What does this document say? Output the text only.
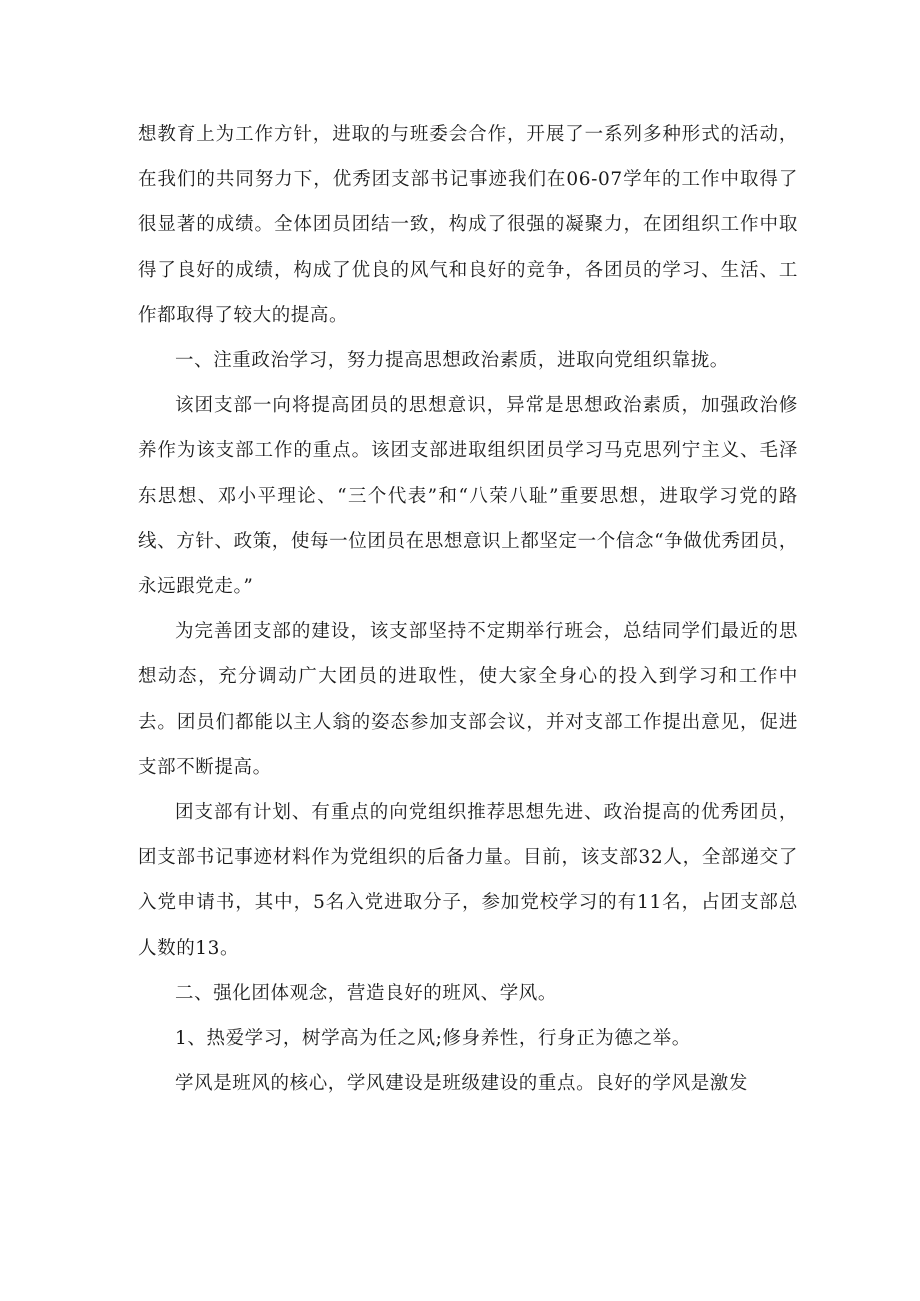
想教育上为工作方针，进取的与班委会合作，开展了一系列多种形式的活动，在我们的共同努力下，优秀团支部书记事迹我们在06-07学年的工作中取得了很显著的成绩。全体团员团结一致，构成了很强的凝聚力，在团组织工作中取得了良好的成绩，构成了优良的风气和良好的竞争，各团员的学习、生活、工作都取得了较大的提高。

一、注重政治学习，努力提高思想政治素质，进取向党组织靠拢。

该团支部一向将提高团员的思想意识，异常是思想政治素质，加强政治修养作为该支部工作的重点。该团支部进取组织团员学习马克思列宁主义、毛泽东思想、邓小平理论、“三个代表”和“八荣八耻”重要思想，进取学习党的路线、方针、政策，使每一位团员在思想意识上都坚定一个信念“争做优秀团员，永远跟党走。”

为完善团支部的建设，该支部坚持不定期举行班会，总结同学们最近的思想动态，充分调动广大团员的进取性，使大家全身心的投入到学习和工作中去。团员们都能以主人翁的姿态参加支部会议，并对支部工作提出意见，促进支部不断提高。

团支部有计划、有重点的向党组织推荐思想先进、政治提高的优秀团员，团支部书记事迹材料作为党组织的后备力量。目前，该支部32人，全部递交了入党申请书，其中，5名入党进取分子，参加党校学习的有11名，占团支部总人数的13。

二、强化团体观念，营造良好的班风、学风。

1、热爱学习，树学高为任之风;修身养性，行身正为德之举。

学风是班风的核心，学风建设是班级建设的重点。良好的学风是激发
